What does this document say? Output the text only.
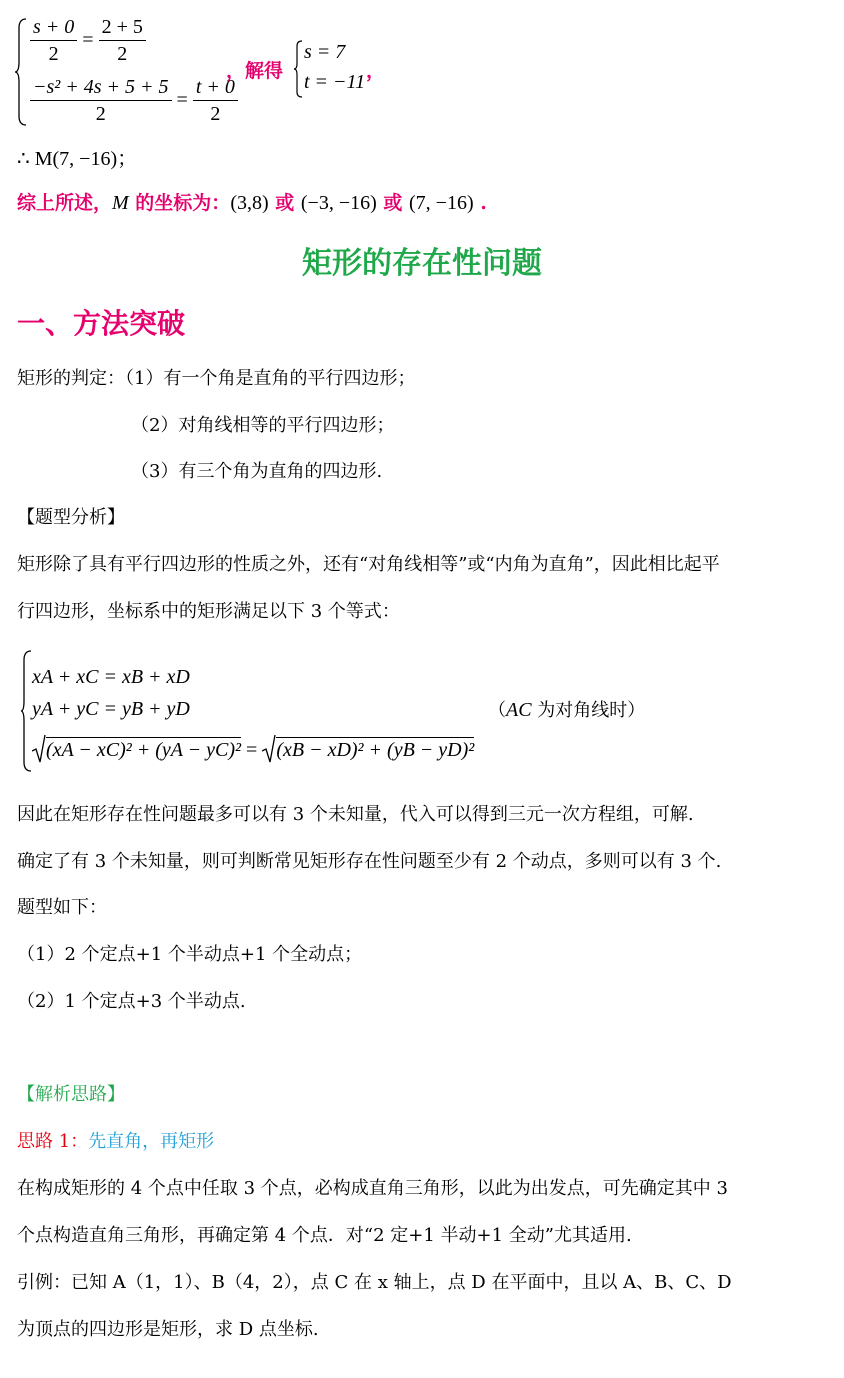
$\frac{s + 0}{2} = \frac{2 + 5}{2}$
$\frac{\text{−s² + 4s + 5 + 5}}{2} = \frac{t + 0}{2}$
，解得
s = 7
t = −11 ，
∴ M(7, −16)；
综上所述，M 的坐标为：(3,8) 或 (−3, −16) 或 (7, −16) .
矩形的存在性问题
一、方法突破
矩形的判定：（1）有一个角是直角的平行四边形；
（2）对角线相等的平行四边形；
（3）有三个角为直角的四边形.
【题型分析】
矩形除了具有平行四边形的性质之外，还有“对角线相等”或“内角为直角”，因此相比起平
行四边形，坐标系中的矩形满足以下 3 个等式：
xA + xC = xB + xD
yA + yC = yB + yD
(xA − xC)² + (yA − yC)² = (xB − xD)² + (yB − yD)²
（AC 为对角线时）
因此在矩形存在性问题最多可以有 3 个未知量，代入可以得到三元一次方程组，可解.
确定了有 3 个未知量，则可判断常见矩形存在性问题至少有 2 个动点，多则可以有 3 个.
题型如下：
（1）2 个定点+1 个半动点+1 个全动点；
（2）1 个定点+3 个半动点.
【解析思路】
思路 1：先直角，再矩形
在构成矩形的 4 个点中任取 3 个点，必构成直角三角形，以此为出发点，可先确定其中 3
个点构造直角三角形，再确定第 4 个点．对“2 定+1 半动+1 全动”尤其适用.
引例：已知 A（1，1）、B（4，2），点 C 在 x 轴上，点 D 在平面中，且以 A、B、C、D
为顶点的四边形是矩形，求 D 点坐标.
